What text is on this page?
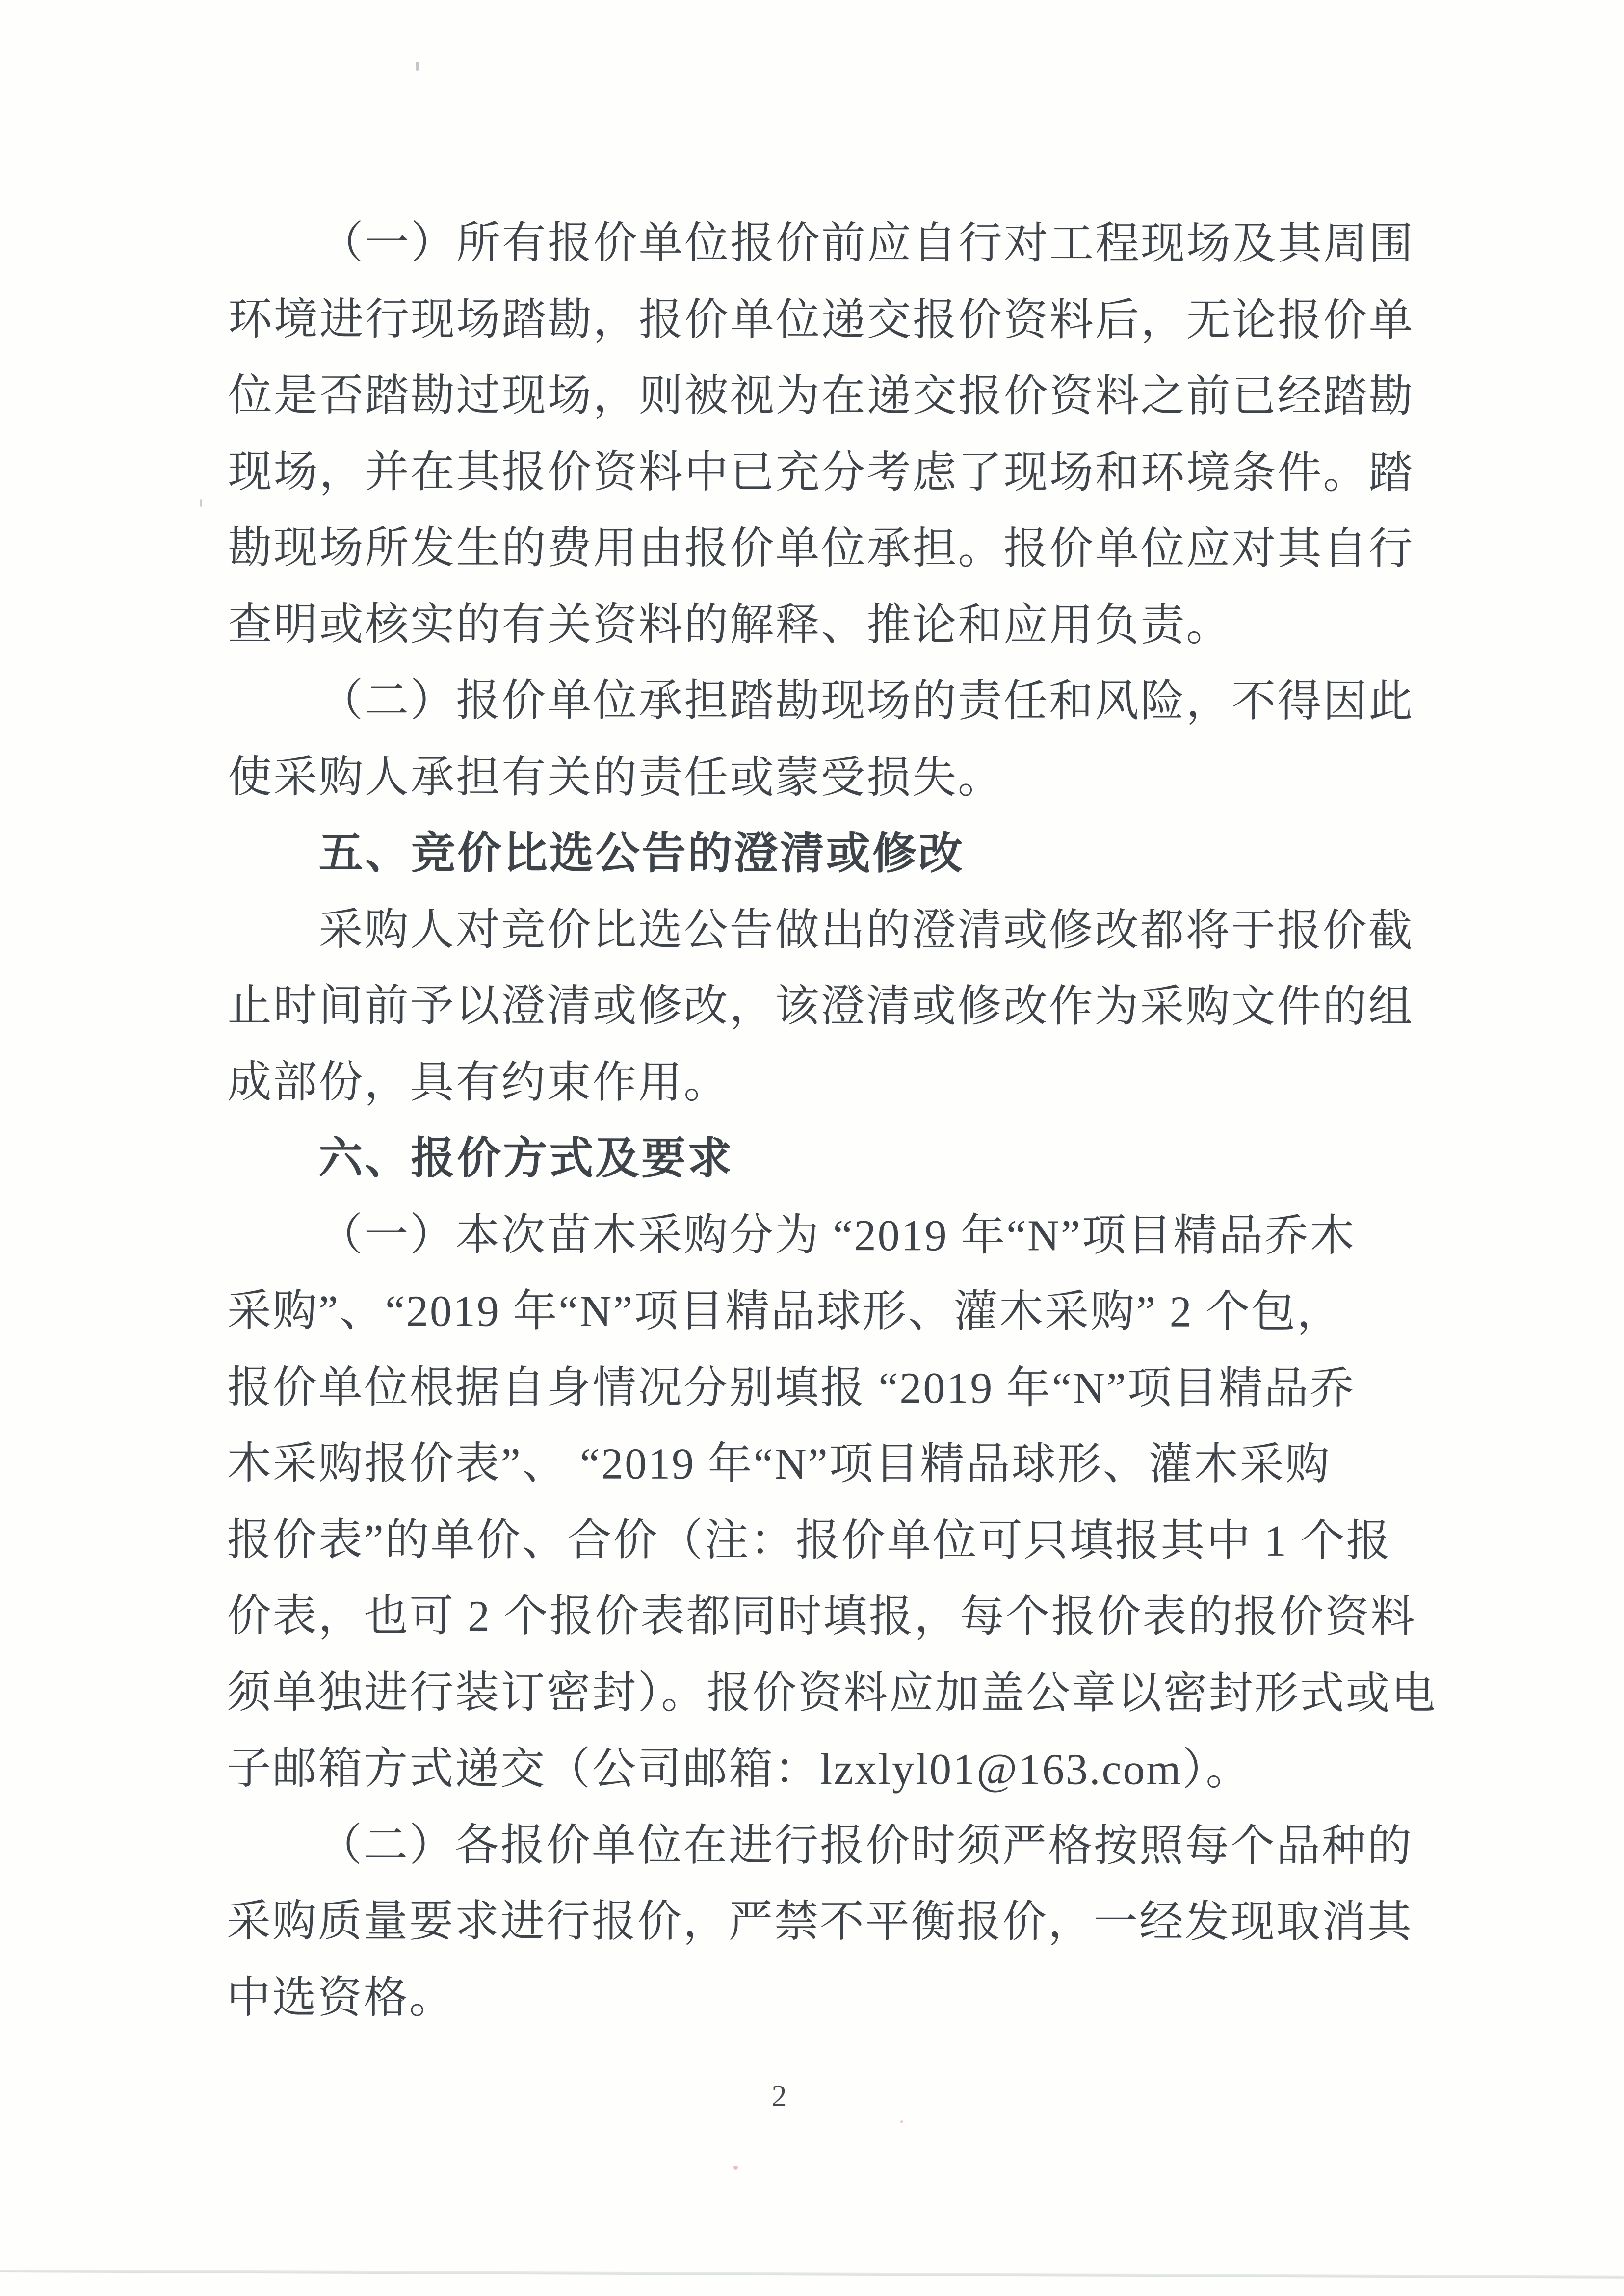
（一）所有报价单位报价前应自行对工程现场及其周围
环境进行现场踏勘，报价单位递交报价资料后，无论报价单
位是否踏勘过现场，则被视为在递交报价资料之前已经踏勘
现场，并在其报价资料中已充分考虑了现场和环境条件。踏
勘现场所发生的费用由报价单位承担。报价单位应对其自行
查明或核实的有关资料的解释、推论和应用负责。
（二）报价单位承担踏勘现场的责任和风险，不得因此
使采购人承担有关的责任或蒙受损失。
五、竞价比选公告的澄清或修改
采购人对竞价比选公告做出的澄清或修改都将于报价截
止时间前予以澄清或修改，该澄清或修改作为采购文件的组
成部份，具有约束作用。
六、报价方式及要求
（一）本次苗木采购分为 “2019 年“N”项目精品乔木
采购”、“2019 年“N”项目精品球形、灌木采购” 2 个包，
报价单位根据自身情况分别填报 “2019 年“N”项目精品乔
木采购报价表”、 “2019 年“N”项目精品球形、灌木采购
报价表”的单价、合价（注：报价单位可只填报其中 1 个报
价表，也可 2 个报价表都同时填报，每个报价表的报价资料
须单独进行装订密封）。报价资料应加盖公章以密封形式或电
子邮箱方式递交（公司邮箱：lzxlyl01@163.com）。
（二）各报价单位在进行报价时须严格按照每个品种的
采购质量要求进行报价，严禁不平衡报价，一经发现取消其
中选资格。
2
